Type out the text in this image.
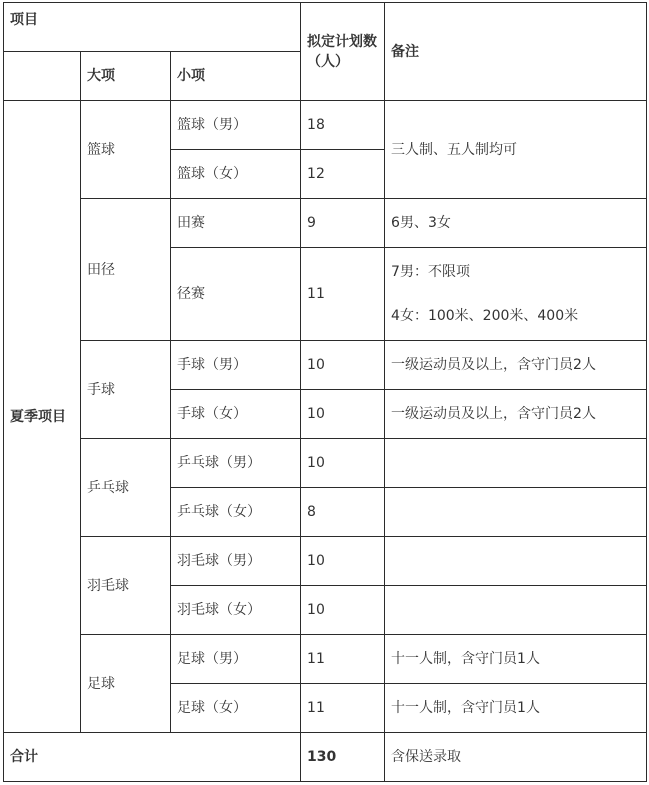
项目			拟定计划数（人）	备注
	大项	小项		
夏季项目	篮球	篮球（男）	18	三人制、五人制均可
		篮球（女）	12	
	田径	田赛	9	6男、3女
		径赛	11	7男：不限项

4女：100米、200米、400米

	手球	手球（男）	10	一级运动员及以上，含守门员2人
		手球（女）	10	一级运动员及以上，含守门员2人
	乒乓球	乒乓球（男）	10	
		乒乓球（女）	8	
	羽毛球	羽毛球（男）	10	
		羽毛球（女）	10	
	足球	足球（男）	11	十一人制，含守门员1人
		足球（女）	11	十一人制，含守门员1人
合计			130	含保送录取
